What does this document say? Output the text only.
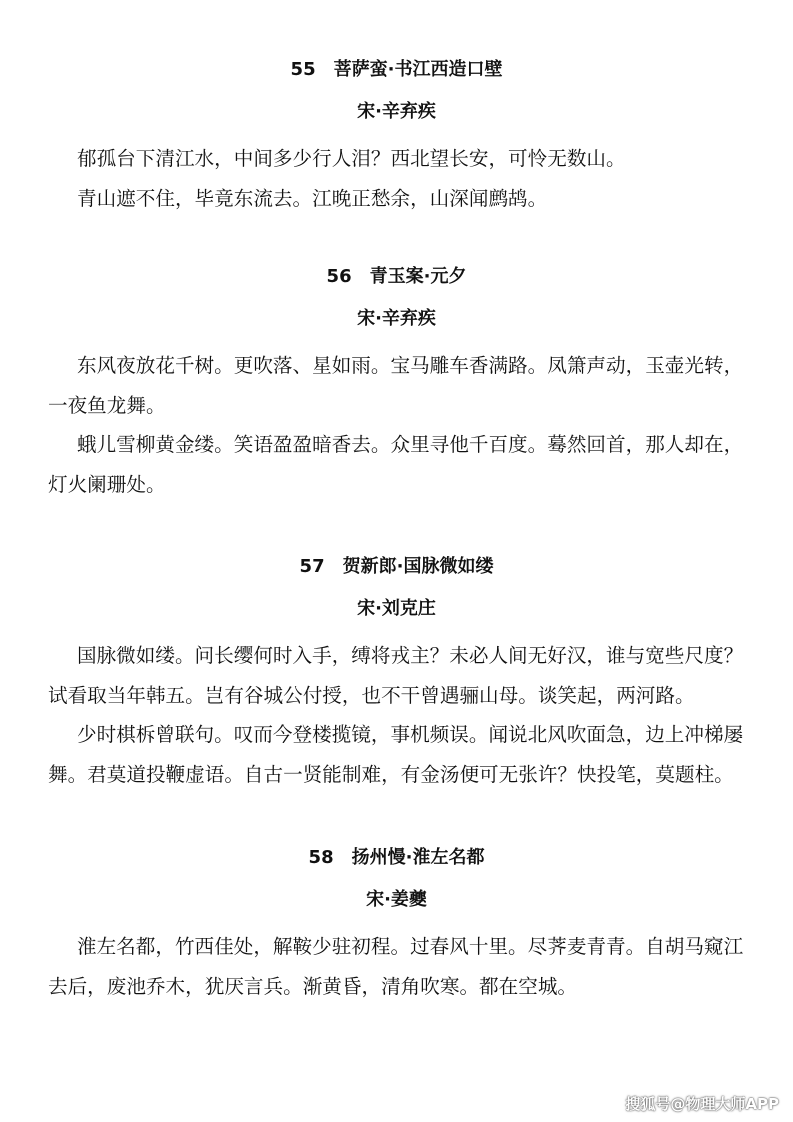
55 菩萨蛮·书江西造口壁
宋·辛弃疾

郁孤台下清江水，中间多少行人泪？西北望长安，可怜无数山。

青山遮不住，毕竟东流去。江晚正愁余，山深闻鹧鸪。

56 青玉案·元夕
宋·辛弃疾

东风夜放花千树。更吹落、星如雨。宝马雕车香满路。凤箫声动，玉壶光转，一夜鱼龙舞。

蛾儿雪柳黄金缕。笑语盈盈暗香去。众里寻他千百度。蓦然回首，那人却在，灯火阑珊处。

57 贺新郎·国脉微如缕
宋·刘克庄

国脉微如缕。问长缨何时入手，缚将戎主？未必人间无好汉，谁与宽些尺度？试看取当年韩五。岂有谷城公付授，也不干曾遇骊山母。谈笑起，两河路。

少时棋柝曾联句。叹而今登楼揽镜，事机频误。闻说北风吹面急，边上冲梯屡舞。君莫道投鞭虚语。自古一贤能制难，有金汤便可无张许？快投笔，莫题柱。

58 扬州慢·淮左名都
宋·姜夔

淮左名都，竹西佳处，解鞍少驻初程。过春风十里。尽荠麦青青。自胡马窥江去后，废池乔木，犹厌言兵。渐黄昏，清角吹寒。都在空城。

搜狐号@物理大师APP
